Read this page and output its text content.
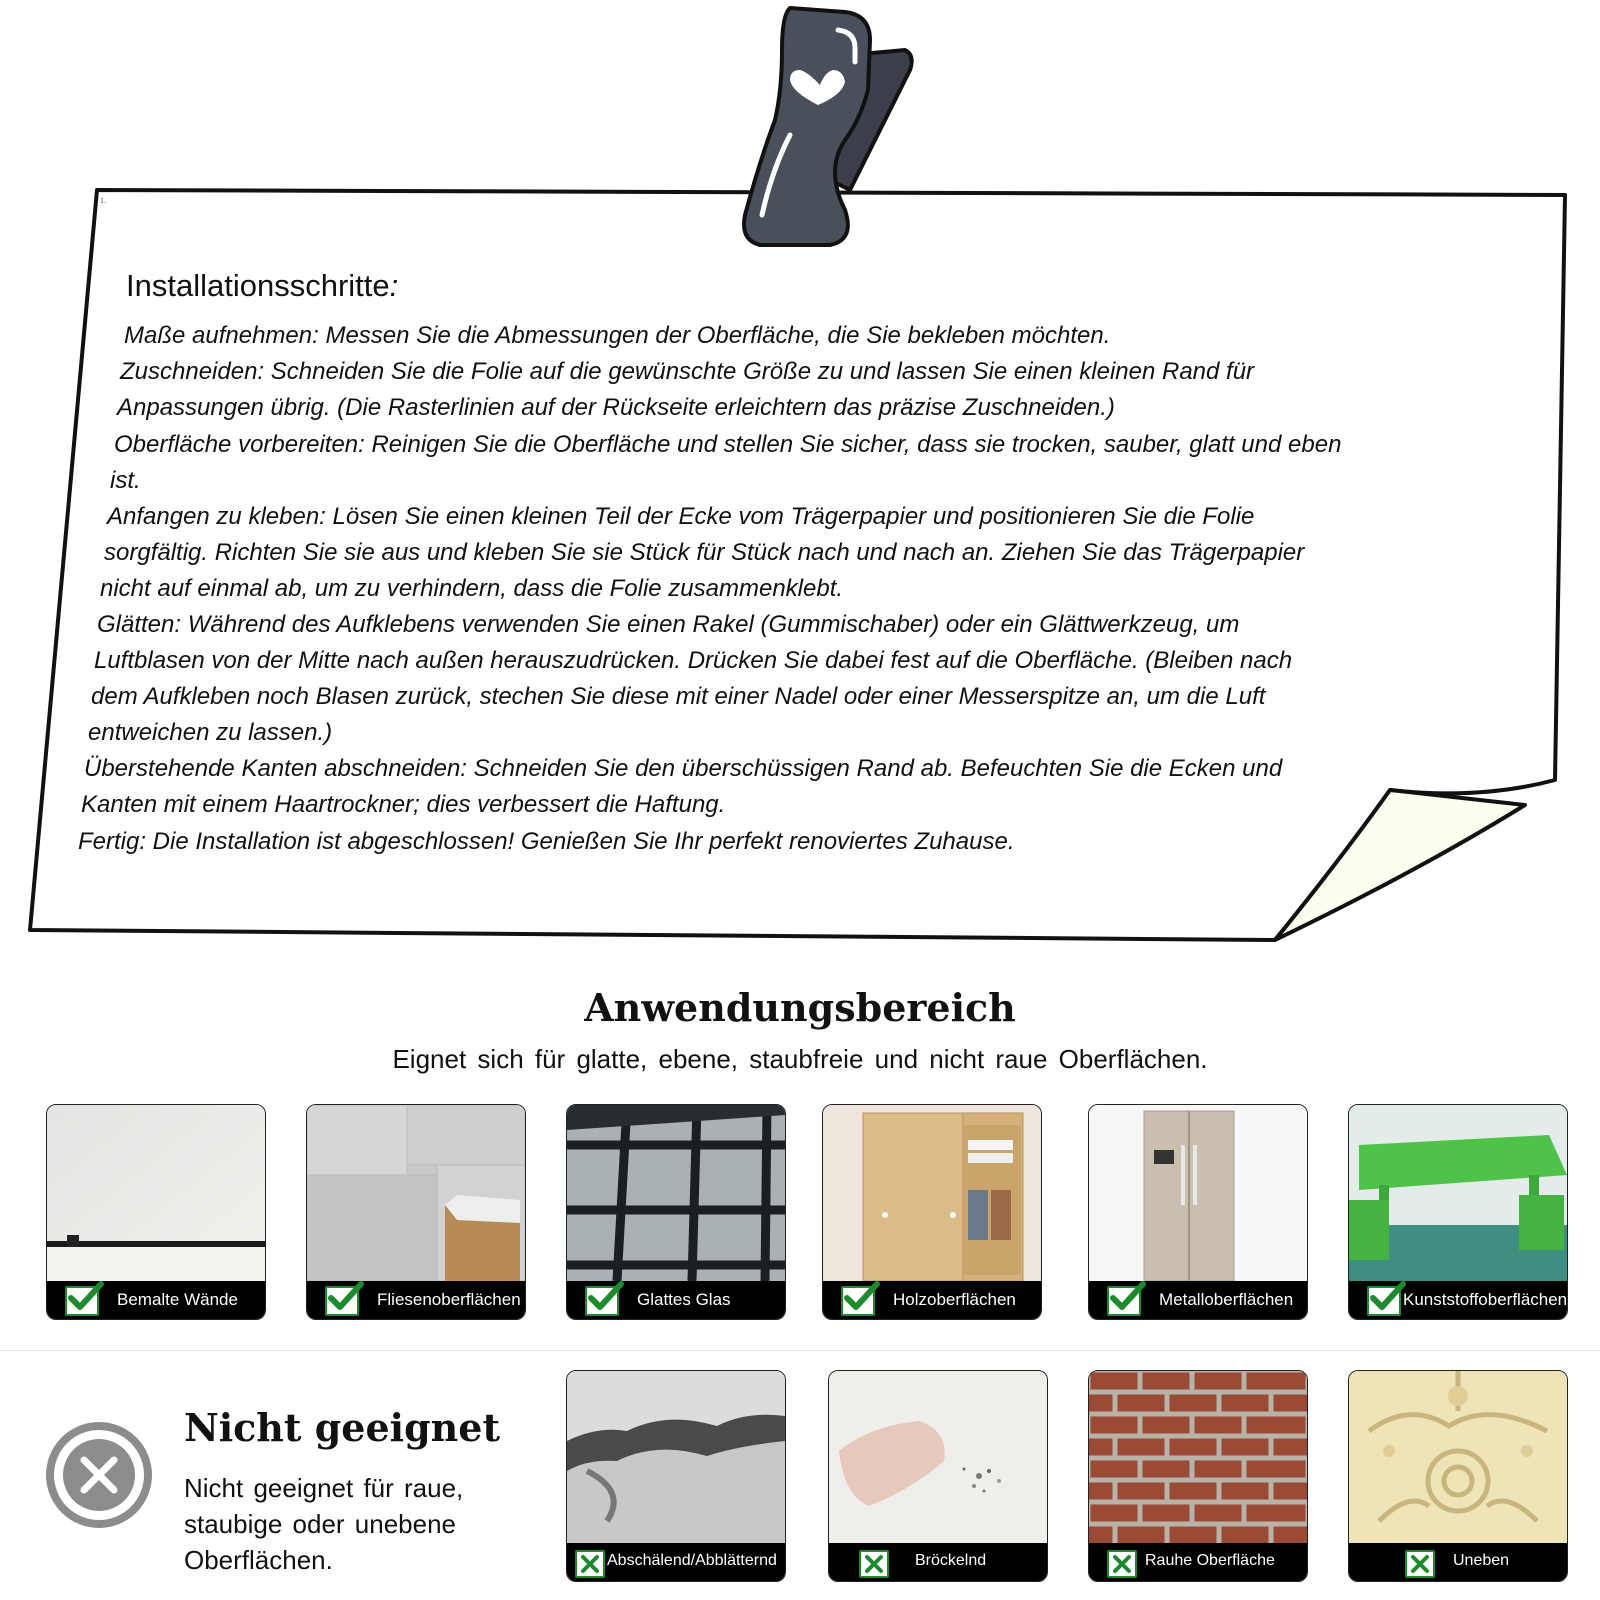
1.
Installationsschritte:
Maße aufnehmen: Messen Sie die Abmessungen der Oberfläche, die Sie bekleben möchten.
Zuschneiden: Schneiden Sie die Folie auf die gewünschte Größe zu und lassen Sie einen kleinen Rand für
Anpassungen übrig. (Die Rasterlinien auf der Rückseite erleichtern das präzise Zuschneiden.)
Oberfläche vorbereiten: Reinigen Sie die Oberfläche und stellen Sie sicher, dass sie trocken, sauber, glatt und eben
ist.
Anfangen zu kleben: Lösen Sie einen kleinen Teil der Ecke vom Trägerpapier und positionieren Sie die Folie
sorgfältig. Richten Sie sie aus und kleben Sie sie Stück für Stück nach und nach an. Ziehen Sie das Trägerpapier
nicht auf einmal ab, um zu verhindern, dass die Folie zusammenklebt.
Glätten: Während des Aufklebens verwenden Sie einen Rakel (Gummischaber) oder ein Glättwerkzeug, um
Luftblasen von der Mitte nach außen herauszudrücken. Drücken Sie dabei fest auf die Oberfläche. (Bleiben nach
dem Aufkleben noch Blasen zurück, stechen Sie diese mit einer Nadel oder einer Messerspitze an, um die Luft
entweichen zu lassen.)
Überstehende Kanten abschneiden: Schneiden Sie den überschüssigen Rand ab. Befeuchten Sie die Ecken und
Kanten mit einem Haartrockner; dies verbessert die Haftung.
Fertig: Die Installation ist abgeschlossen! Genießen Sie Ihr perfekt renoviertes Zuhause.
Anwendungsbereich
Eignet sich für glatte, ebene, staubfreie und nicht raue Oberflächen.
Bemalte Wände	Fliesenoberflächen	Glattes Glas	Holzoberflächen	Metalloberflächen	Kunststoffoberflächen
Nicht geeignet
Nicht geeignet für raue, staubige oder unebene Oberflächen.	Abschälend/Abblätternd	Bröckelnd	Rauhe Oberfläche	Uneben
